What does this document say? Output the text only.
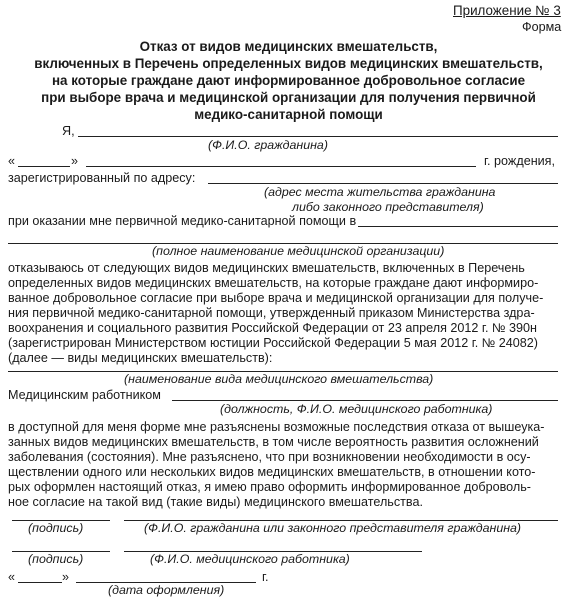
Приложение № 3
Форма
Отказ от видов медицинских вмешательств,
включенных в Перечень определенных видов медицинских вмешательств,
на которые граждане дают информированное добровольное согласие
при выборе врача и медицинской организации для получения первичной
медико-санитарной помощи
Я,
(Ф.И.О. гражданина)
«	»	г. рождения,
зарегистрированный по адресу:
(адрес места жительства гражданина
либо законного представителя)
при оказании мне первичной медико-санитарной помощи в
(полное наименование медицинской организации)
отказываюсь от следующих видов медицинских вмешательств, включенных в Перечень
определенных видов медицинских вмешательств, на которые граждане дают информиро-
ванное добровольное согласие при выборе врача и медицинской организации для получе-
ния первичной медико-санитарной помощи, утвержденный приказом Министерства здра-
воохранения и социального развития Российской Федерации от 23 апреля 2012 г. № 390н
(зарегистрирован Министерством юстиции Российской Федерации 5 мая 2012 г. № 24082)
(далее — виды медицинских вмешательств):
(наименование вида медицинского вмешательства)
Медицинским работником
(должность, Ф.И.О. медицинского работника)
в доступной для меня форме мне разъяснены возможные последствия отказа от вышеука-
занных видов медицинских вмешательств, в том числе вероятность развития осложнений
заболевания (состояния). Мне разъяснено, что при возникновении необходимости в осу-
ществлении одного или нескольких видов медицинских вмешательств, в отношении кото-
рых оформлен настоящий отказ, я имею право оформить информированное доброволь-
ное согласие на такой вид (такие виды) медицинского вмешательства.
(подпись)	(Ф.И.О. гражданина или законного представителя гражданина)
(подпись)	(Ф.И.О. медицинского работника)
«	»	г.
(дата оформления)
